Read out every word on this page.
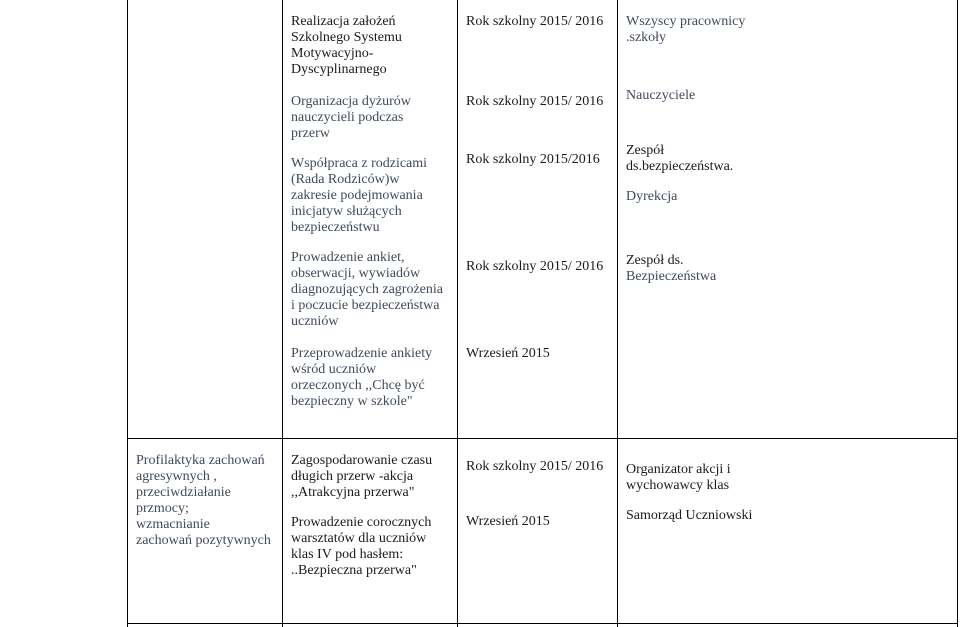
Realizacja założeń
Szkolnego Systemu
Motywacyjno-
Dyscyplinarnego
Rok szkolny 2015/ 2016 Wszyscy pracownicy
.szkoły
Organizacja dyżurów
nauczycieli podczas
przerw
Rok szkolny 2015/ 2016 Nauczyciele
Współpraca z rodzicami
(Rada Rodziców)w
zakresie podejmowania
inicjatyw służących
bezpieczeństwu
Rok szkolny 2015/2016
Zespół
ds.bezpieczeństwa.
Dyrekcja
Prowadzenie ankiet,
obserwacji, wywiadów
diagnozujących zagrożenia
i poczucie bezpieczeństwa
uczniów
Rok szkolny 2015/ 2016 Zespół ds.
Bezpieczeństwa
Przeprowadzenie ankiety
wśród uczniów
orzeczonych ,,Chcę być
bezpieczny w szkole"
Wrzesień 2015
Profilaktyka zachowań
agresywnych ,
przeciwdziałanie
przmocy;
wzmacnianie
zachowań pozytywnych
Zagospodarowanie czasu
długich przerw -akcja
,,Atrakcyjna przerwa"
Prowadzenie corocznych
warsztatów dla uczniów
klas IV pod hasłem:
..Bezpieczna przerwa"
Rok szkolny 2015/ 2016
Wrzesień 2015
Organizator akcji i
wychowawcy klas
Samorząd Uczniowski
